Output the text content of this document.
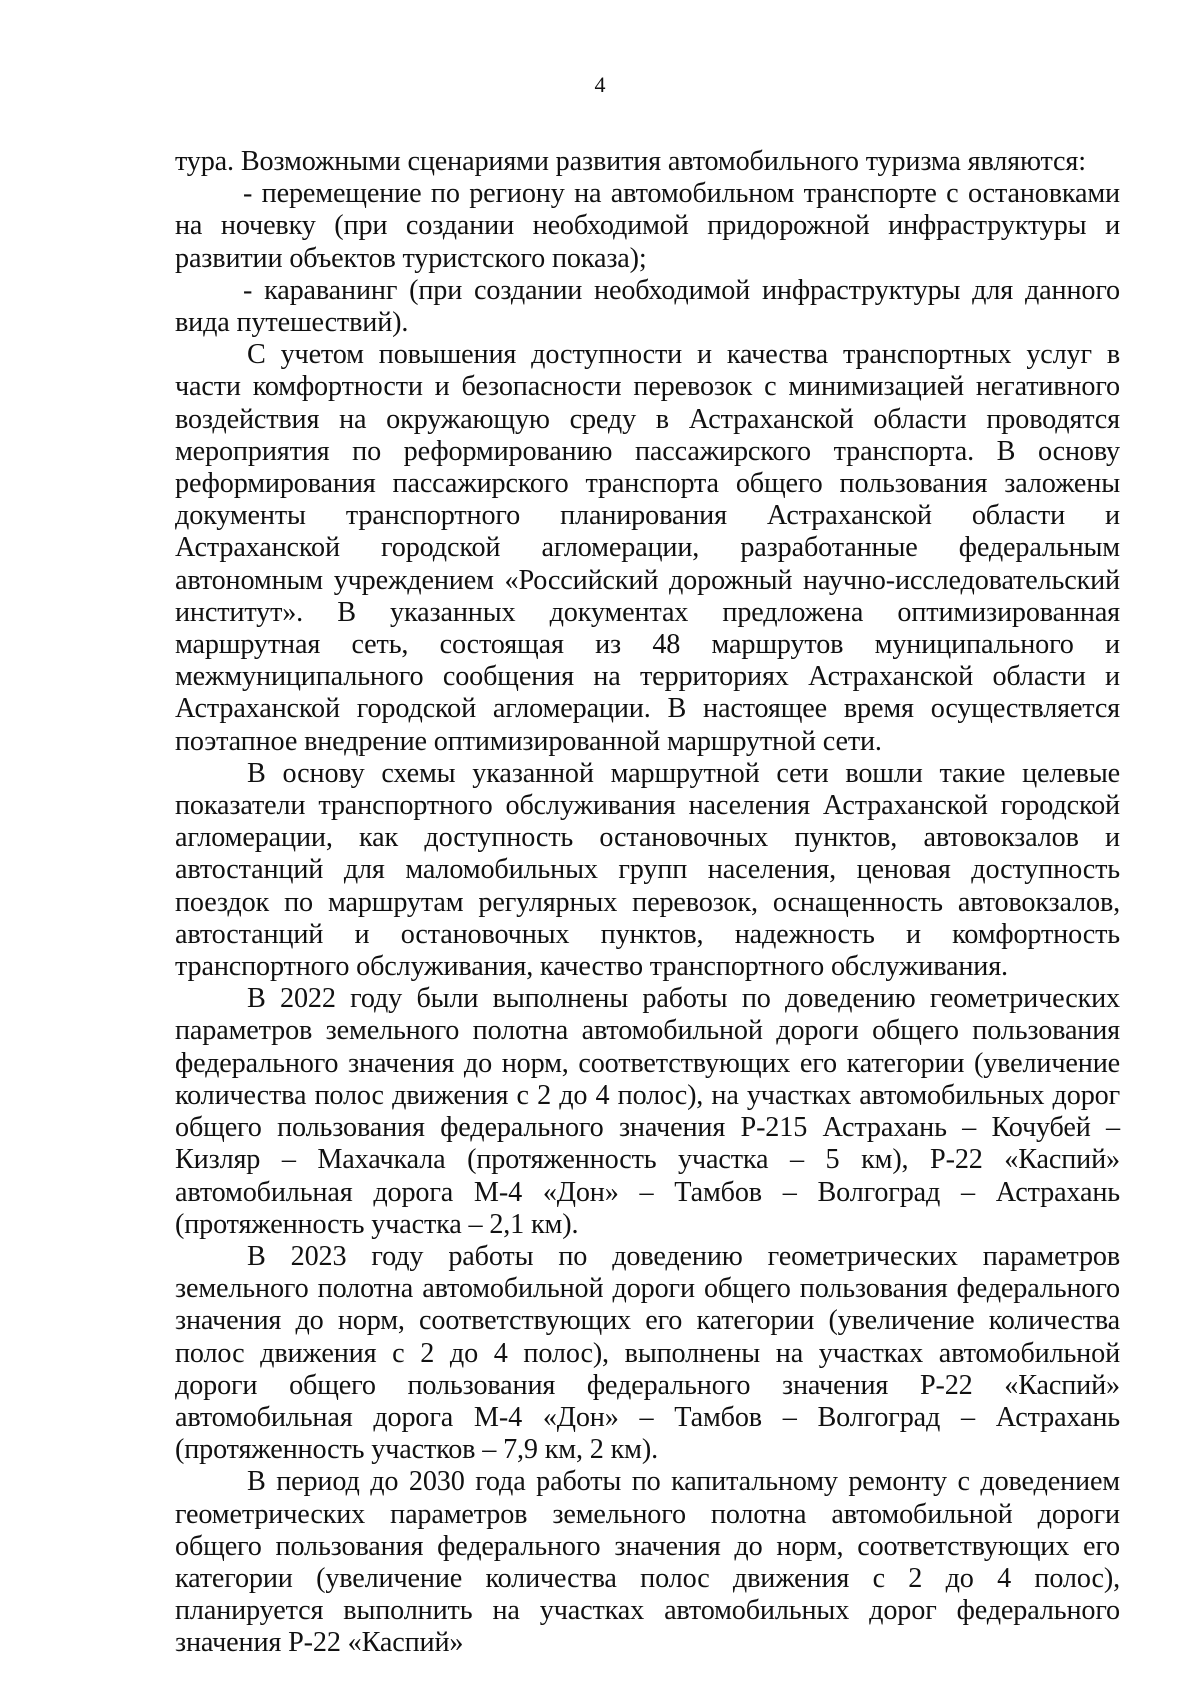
4

тура. Возможными сценариями развития автомобильного туризма являются:

- перемещение по региону на автомобильном транспорте с остановками на ночевку (при создании необходимой придорожной инфраструктуры и развитии объектов туристского показа);

- караванинг (при создании необходимой инфраструктуры для данного вида путешествий).

С учетом повышения доступности и качества транспортных услуг в части комфортности и безопасности перевозок с минимизацией негативного воздействия на окружающую среду в Астраханской области проводятся мероприятия по реформированию пассажирского транспорта. В основу реформирования пассажирского транспорта общего пользования заложены документы транспортного планирования Астраханской области и Астраханской городской агломерации, разработанные федеральным автономным учреждением «Российский дорожный научно-исследовательский институт». В указанных документах предложена оптимизированная маршрутная сеть, состоящая из 48 маршрутов муниципального и межмуниципального сообщения на территориях Астраханской области и Астраханской городской агломерации. В настоящее время осуществляется поэтапное внедрение оптимизированной маршрутной сети.

В основу схемы указанной маршрутной сети вошли такие целевые показатели транспортного обслуживания населения Астраханской городской агломерации, как доступность остановочных пунктов, автовокзалов и автостанций для маломобильных групп населения, ценовая доступность поездок по маршрутам регулярных перевозок, оснащенность автовокзалов, автостанций и остановочных пунктов, надежность и комфортность транспортного обслуживания, качество транспортного обслуживания.

В 2022 году были выполнены работы по доведению геометрических параметров земельного полотна автомобильной дороги общего пользования федерального значения до норм, соответствующих его категории (увеличение количества полос движения с 2 до 4 полос), на участках автомобильных дорог общего пользования федерального значения Р-215 Астрахань – Кочубей – Кизляр – Махачкала (протяженность участка – 5 км), Р-22 «Каспий» автомобильная дорога М-4 «Дон» – Тамбов – Волгоград – Астрахань (протяженность участка – 2,1 км).

В 2023 году работы по доведению геометрических параметров земельного полотна автомобильной дороги общего пользования федерального значения до норм, соответствующих его категории (увеличение количества полос движения с 2 до 4 полос), выполнены на участках автомобильной дороги общего пользования федерального значения Р-22 «Каспий» автомобильная дорога М-4 «Дон» – Тамбов – Волгоград – Астрахань (протяженность участков – 7,9 км, 2 км).

В период до 2030 года работы по капитальному ремонту с доведением геометрических параметров земельного полотна автомобильной дороги общего пользования федерального значения до норм, соответствующих его категории (увеличение количества полос движения с 2 до 4 полос), планируется выполнить на участках автомобильных дорог федерального значения Р-22 «Каспий»
